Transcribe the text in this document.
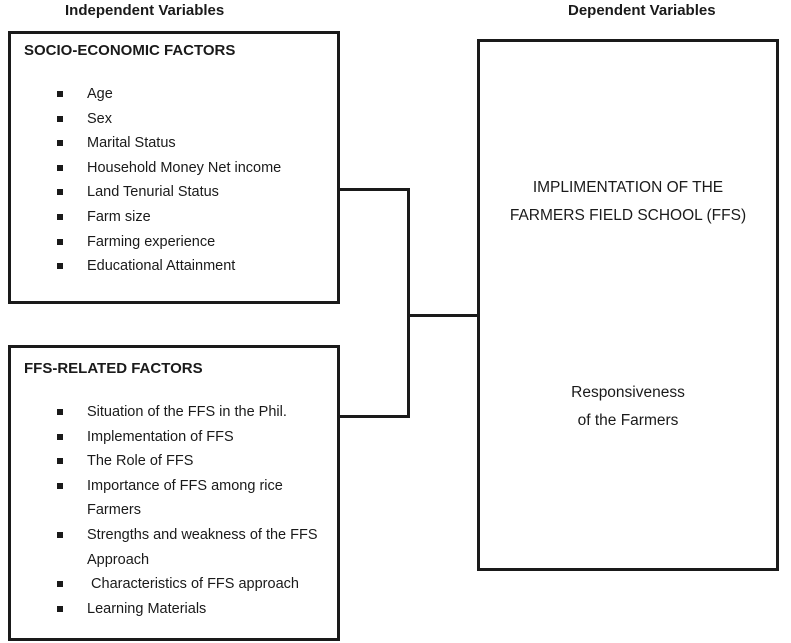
Independent Variables	Dependent Variables
SOCIO-ECONOMIC FACTORS
Age
Sex
Marital Status
Household Money Net income
Land Tenurial Status
Farm size
Farming experience
Educational Attainment
FFS-RELATED FACTORS
Situation of the FFS in the Phil.
Implementation of FFS
The Role of FFS
Importance of FFS among rice Farmers
Strengths and weakness of the FFS Approach
Characteristics of FFS approach
Learning Materials
IMPLIMENTATION OF THE
FARMERS FIELD SCHOOL (FFS)
Responsiveness
of the Farmers
